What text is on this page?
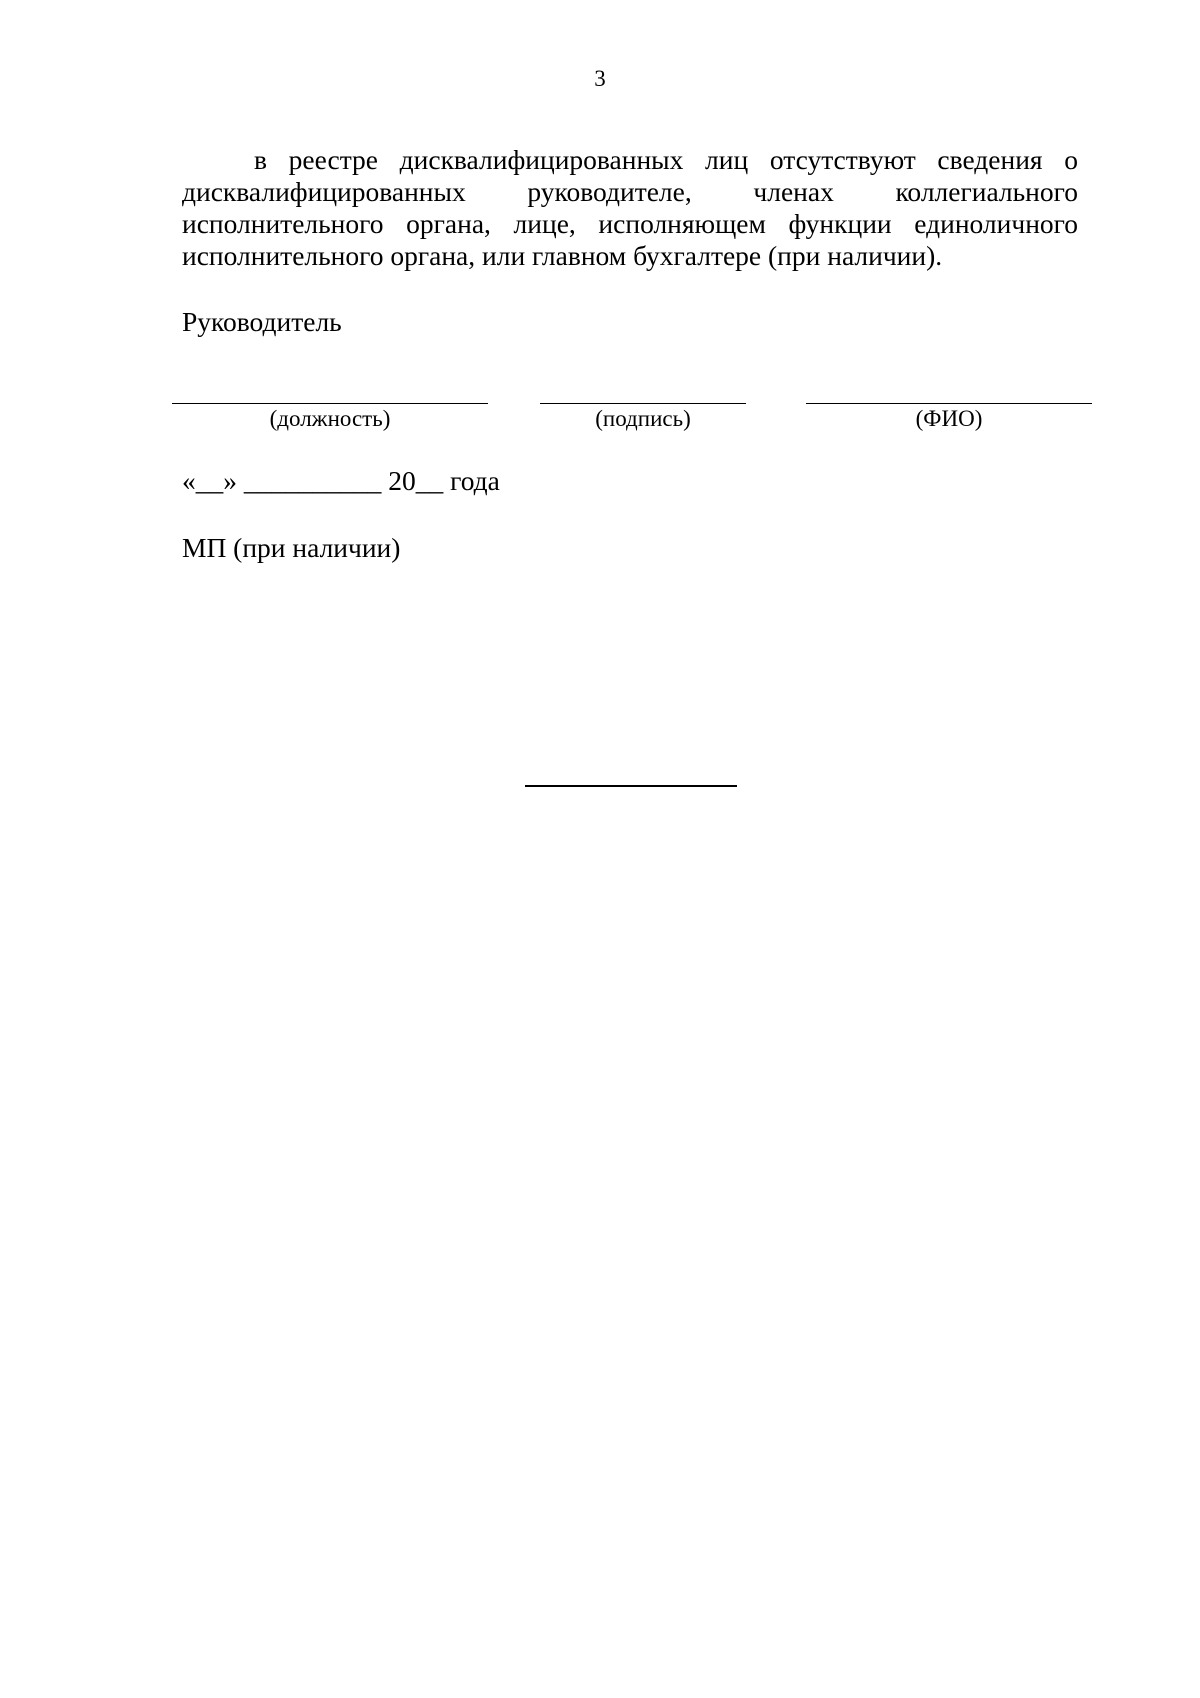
3

в реестре дисквалифицированных лиц отсутствуют сведения о дисквалифицированных руководителе, членах коллегиального исполнительного органа, лице, исполняющем функции единоличного исполнительного органа, или главном бухгалтере (при наличии).

Руководитель
(должность)	(подпись)	(ФИО)
«__» __________ 20__ года
МП (при наличии)
